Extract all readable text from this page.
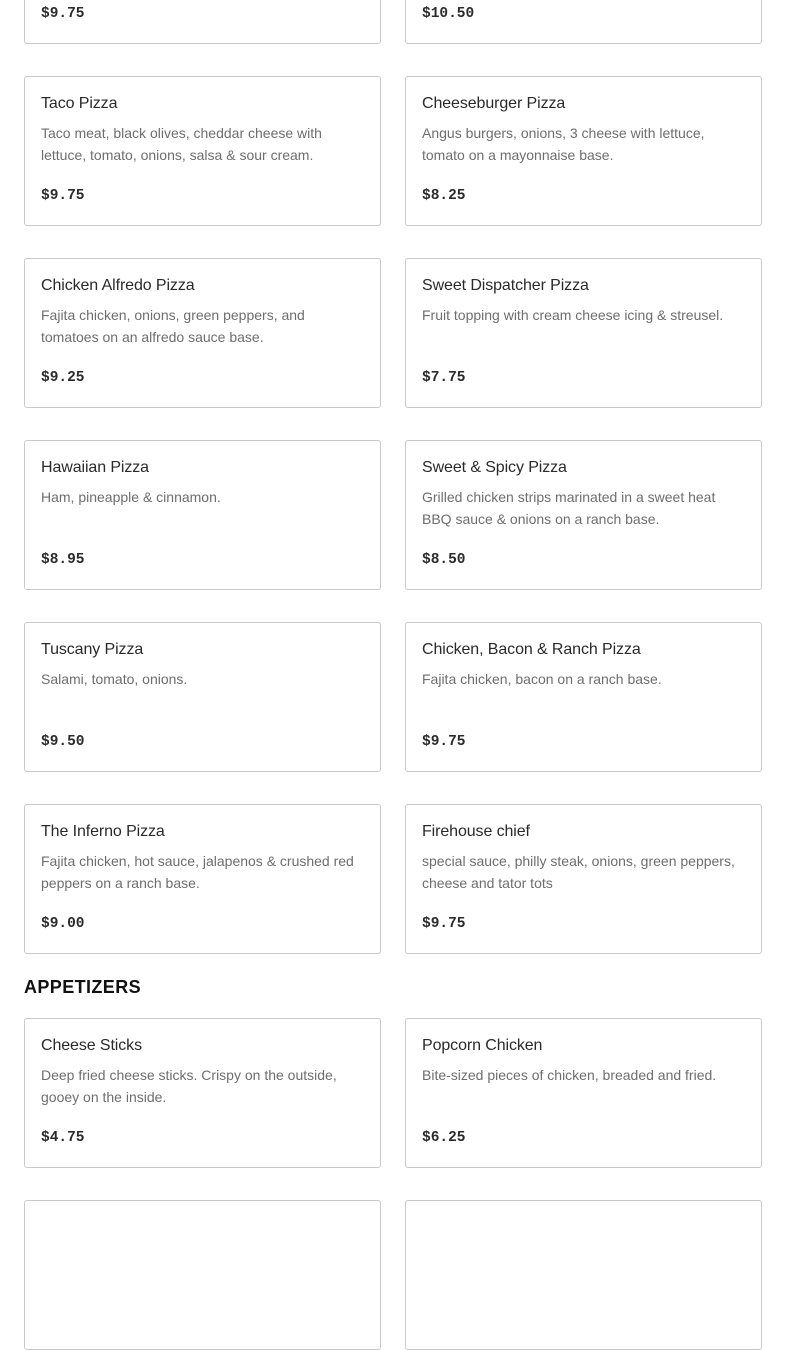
$9.75	$10.50
Taco Pizza
Taco meat, black olives, cheddar cheese with lettuce, tomato, onions, salsa & sour cream.
$9.75
Cheeseburger Pizza
Angus burgers, onions, 3 cheese with lettuce, tomato on a mayonnaise base.
$8.25
Chicken Alfredo Pizza
Fajita chicken, onions, green peppers, and tomatoes on an alfredo sauce base.
$9.25
Sweet Dispatcher Pizza
Fruit topping with cream cheese icing & streusel.
$7.75
Hawaiian Pizza
Ham, pineapple & cinnamon.
$8.95
Sweet & Spicy Pizza
Grilled chicken strips marinated in a sweet heat BBQ sauce & onions on a ranch base.
$8.50
Tuscany Pizza
Salami, tomato, onions.
$9.50
Chicken, Bacon & Ranch Pizza
Fajita chicken, bacon on a ranch base.
$9.75
The Inferno Pizza
Fajita chicken, hot sauce, jalapenos & crushed red peppers on a ranch base.
$9.00
Firehouse chief
special sauce, philly steak, onions, green peppers, cheese and tator tots
$9.75
APPETIZERS
Cheese Sticks
Deep fried cheese sticks. Crispy on the outside, gooey on the inside.
$4.75
Popcorn Chicken
Bite-sized pieces of chicken, breaded and fried.
$6.25
